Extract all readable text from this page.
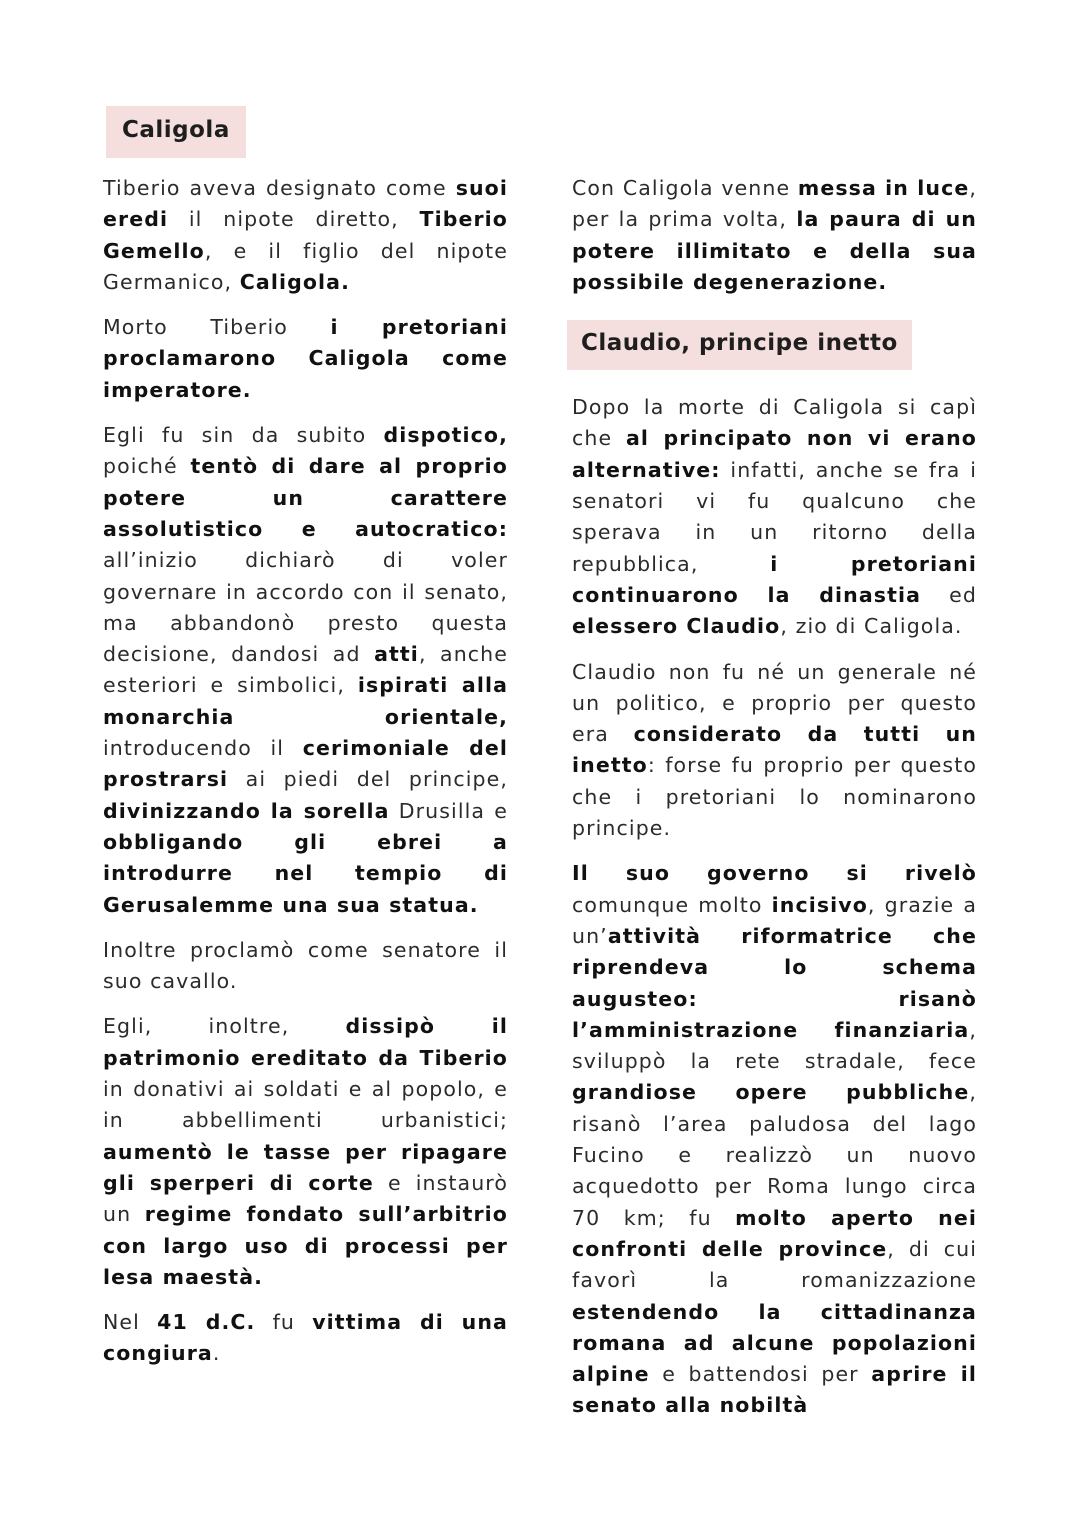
Caligola

Tiberio aveva designato come suoi eredi il nipote diretto, Tiberio Gemello, e il figlio del nipote Germanico, Caligola.

Morto Tiberio i pretoriani proclamarono Caligola come imperatore.

Egli fu sin da subito dispotico, poiché tentò di dare al proprio potere un carattere assolutistico e autocratico: all’inizio dichiarò di voler governare in accordo con il senato, ma abbandonò presto questa decisione, dandosi ad atti, anche esteriori e simbolici, ispirati alla monarchia orientale, introducendo il cerimoniale del prostrarsi ai piedi del principe, divinizzando la sorella Drusilla e obbligando gli ebrei a introdurre nel tempio di Gerusalemme una sua statua.

Inoltre proclamò come senatore il suo cavallo.

Egli, inoltre, dissipò il patrimonio ereditato da Tiberio in donativi ai soldati e al popolo, e in abbellimenti urbanistici; aumentò le tasse per ripagare gli sperperi di corte e instaurò un regime fondato sull’arbitrio con largo uso di processi per lesa maestà.

Nel 41 d.C. fu vittima di una congiura.

Con Caligola venne messa in luce, per la prima volta, la paura di un potere illimitato e della sua possibile degenerazione.

Claudio, principe inetto

Dopo la morte di Caligola si capì che al principato non vi erano alternative: infatti, anche se fra i senatori vi fu qualcuno che sperava in un ritorno della repubblica, i pretoriani continuarono la dinastia ed elessero Claudio, zio di Caligola.

Claudio non fu né un generale né un politico, e proprio per questo era considerato da tutti un inetto: forse fu proprio per questo che i pretoriani lo nominarono principe.

Il suo governo si rivelò comunque molto incisivo, grazie a un’attività riformatrice che riprendeva lo schema augusteo: risanò l’amministrazione finanziaria, sviluppò la rete stradale, fece grandiose opere pubbliche, risanò l’area paludosa del lago Fucino e realizzò un nuovo acquedotto per Roma lungo circa 70 km; fu molto aperto nei confronti delle province, di cui favorì la romanizzazione estendendo la cittadinanza romana ad alcune popolazioni alpine e battendosi per aprire il senato alla nobiltà
